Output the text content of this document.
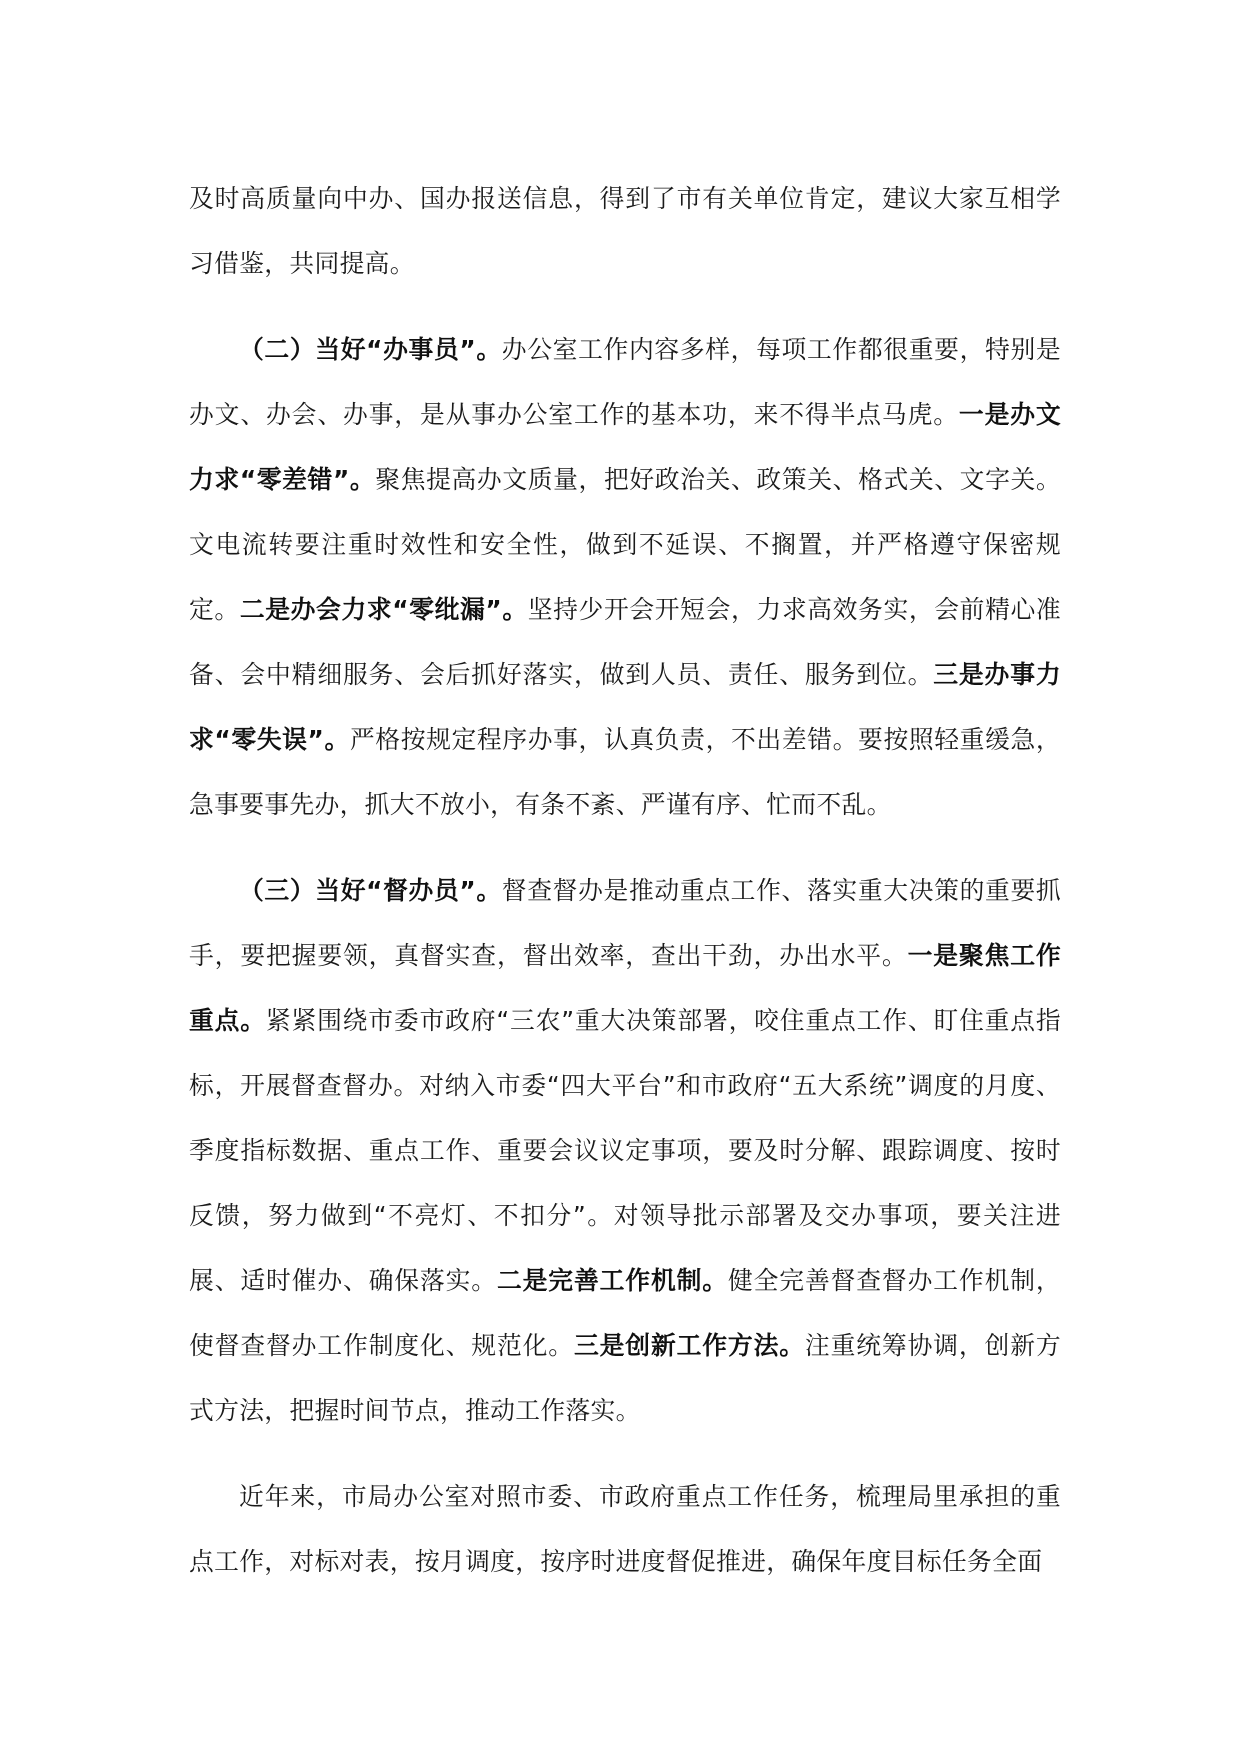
及时高质量向中办、国办报送信息，得到了市有关单位肯定，建议大家互相学习借鉴，共同提高。

（二）当好“办事员”。办公室工作内容多样，每项工作都很重要，特别是办文、办会、办事，是从事办公室工作的基本功，来不得半点马虎。一是办文力求“零差错”。聚焦提高办文质量，把好政治关、政策关、格式关、文字关。文电流转要注重时效性和安全性，做到不延误、不搁置，并严格遵守保密规定。二是办会力求“零纰漏”。坚持少开会开短会，力求高效务实，会前精心准备、会中精细服务、会后抓好落实，做到人员、责任、服务到位。三是办事力求“零失误”。严格按规定程序办事，认真负责，不出差错。要按照轻重缓急，急事要事先办，抓大不放小，有条不紊、严谨有序、忙而不乱。

（三）当好“督办员”。督查督办是推动重点工作、落实重大决策的重要抓手，要把握要领，真督实查，督出效率，查出干劲，办出水平。一是聚焦工作重点。紧紧围绕市委市政府“三农”重大决策部署，咬住重点工作、盯住重点指标，开展督查督办。对纳入市委“四大平台”和市政府“五大系统”调度的月度、季度指标数据、重点工作、重要会议议定事项，要及时分解、跟踪调度、按时反馈，努力做到“不亮灯、不扣分”。对领导批示部署及交办事项，要关注进展、适时催办、确保落实。二是完善工作机制。健全完善督查督办工作机制，使督查督办工作制度化、规范化。三是创新工作方法。注重统筹协调，创新方式方法，把握时间节点，推动工作落实。

近年来，市局办公室对照市委、市政府重点工作任务，梳理局里承担的重点工作，对标对表，按月调度，按序时进度督促推进，确保年度目标任务全面
